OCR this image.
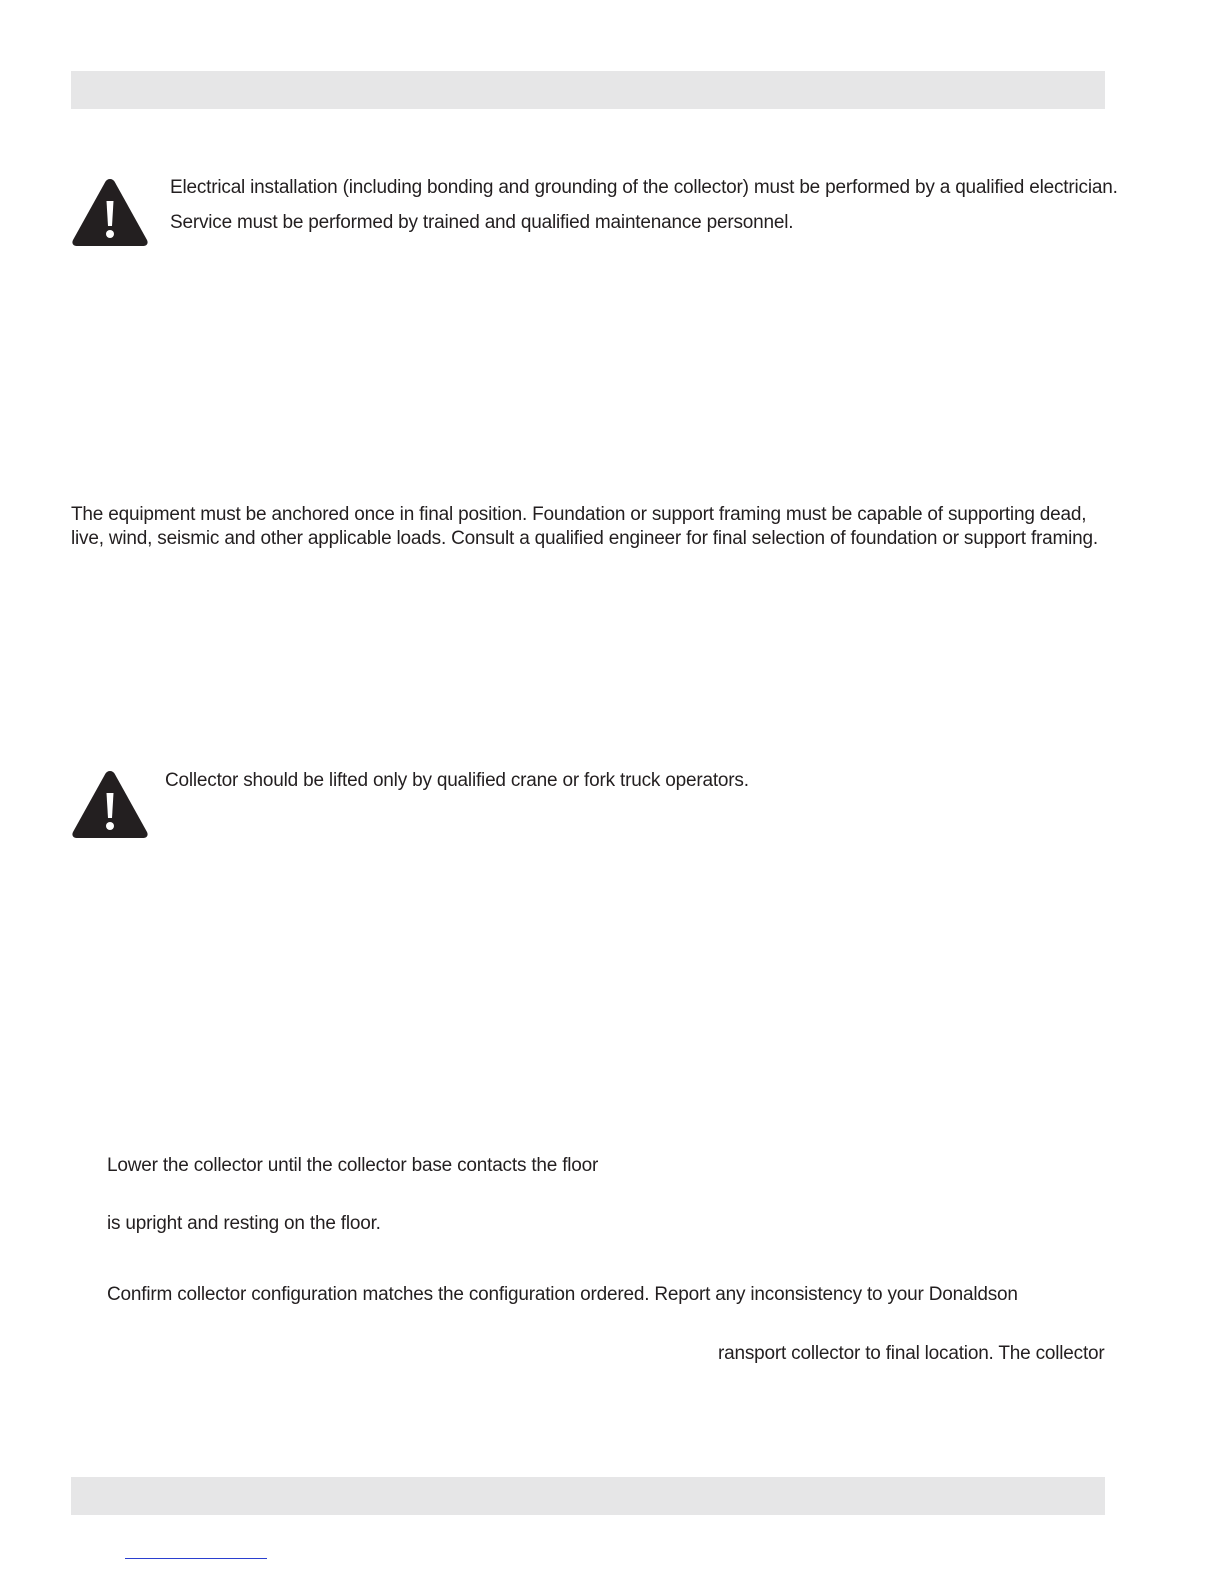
Electrical installation (including bonding and grounding of the collector) must be performed by a qualified electrician.
Service must be performed by trained and qualified maintenance personnel.
The equipment must be anchored once in final position. Foundation or support framing must be capable of supporting dead, live, wind, seismic and other applicable loads. Consult a qualified engineer for final selection of foundation or support framing.
Collector should be lifted only by qualified crane or fork truck operators.
Lower the collector until the collector base contacts the floor
is upright and resting on the floor.
Confirm collector configuration matches the configuration ordered. Report any inconsistency to your Donaldson
ransport collector to final location. The collector
